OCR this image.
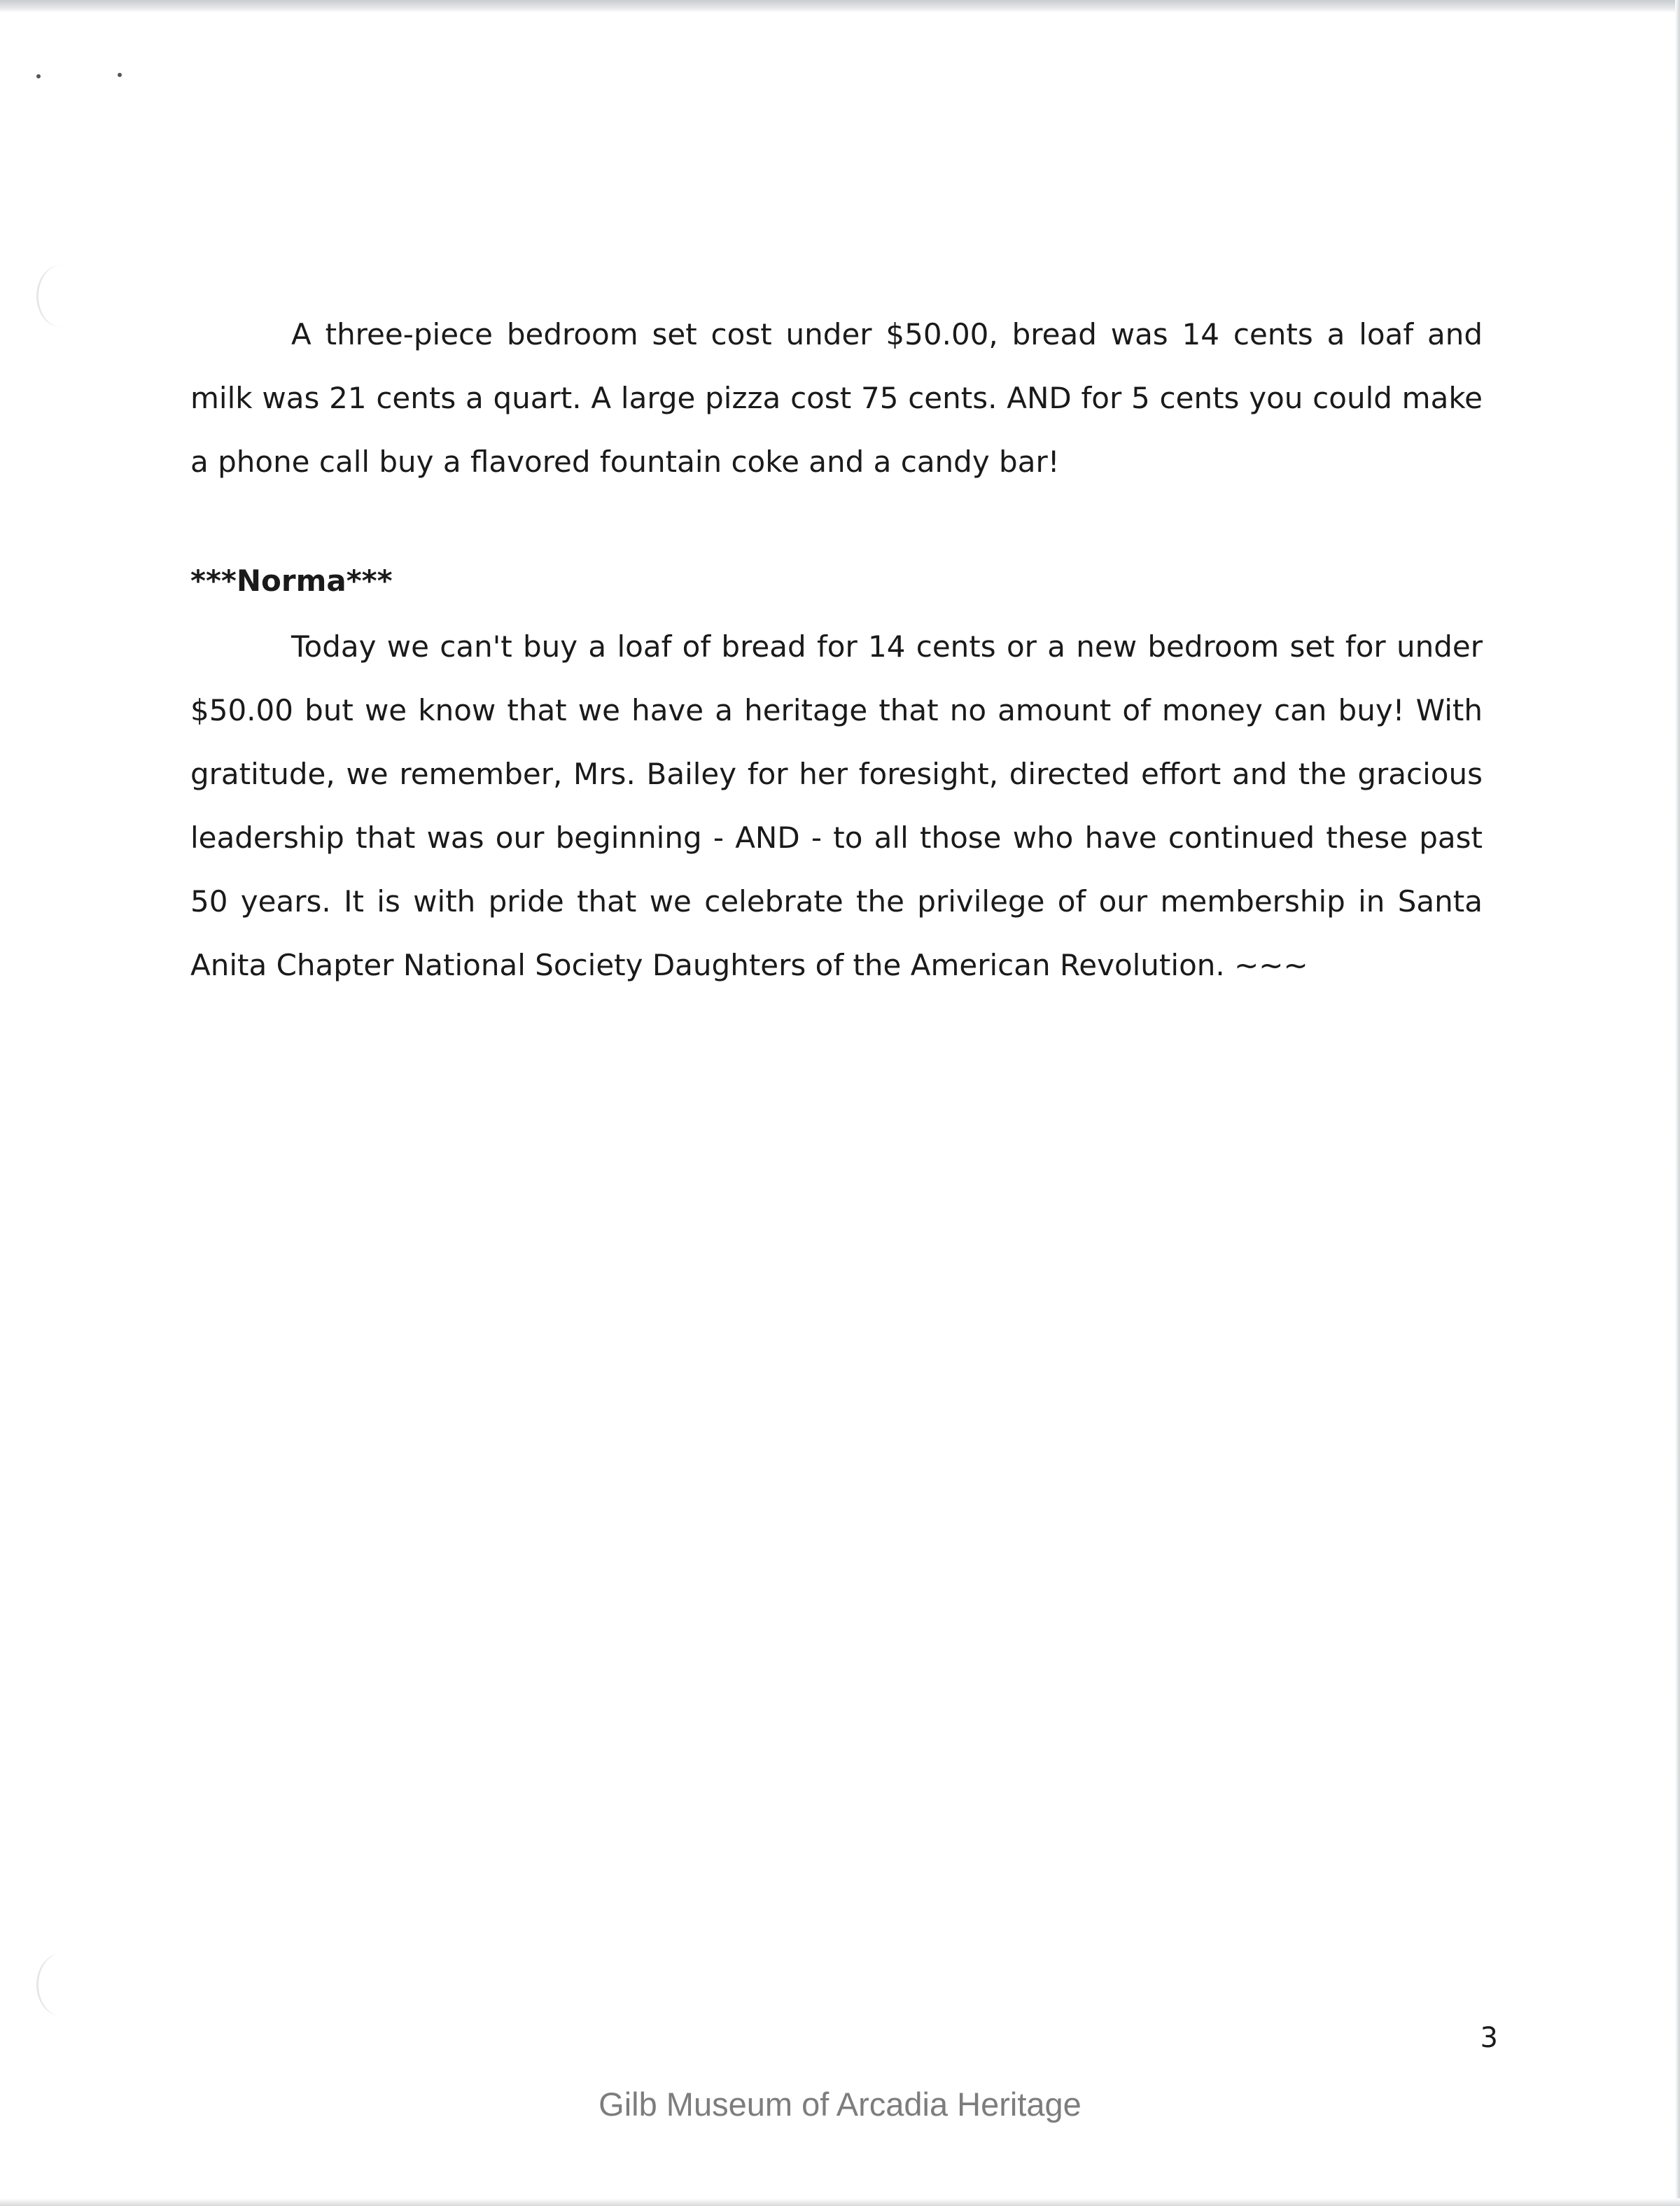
A three-piece bedroom set cost under $50.00, bread was 14 cents a loaf and milk was 21 cents a quart. A large pizza cost 75 cents. AND for 5 cents you could make a phone call buy a flavored fountain coke and a candy bar!

***Norma***

Today we can't buy a loaf of bread for 14 cents or a new bedroom set for under $50.00 but we know that we have a heritage that no amount of money can buy! With gratitude, we remember, Mrs. Bailey for her foresight, directed effort and the gracious leadership that was our beginning - AND - to all those who have continued these past 50 years. It is with pride that we celebrate the privilege of our membership in Santa Anita Chapter National Society Daughters of the American Revolution. ~~~

3
Gilb Museum of Arcadia Heritage
